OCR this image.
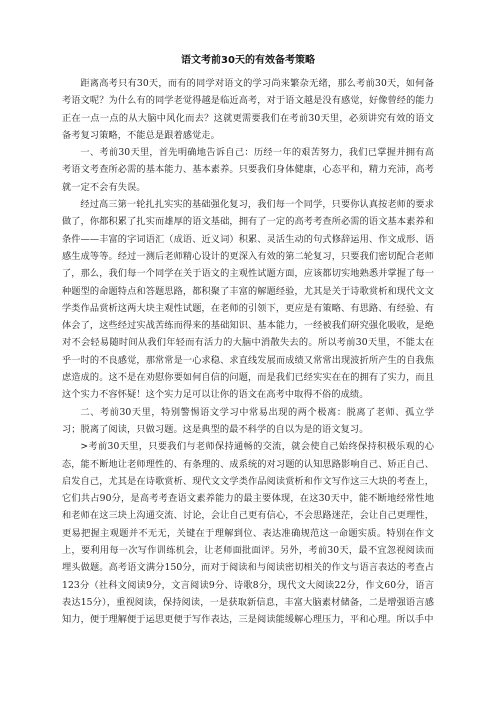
语文考前30天的有效备考策略

距离高考只有30天，而有的同学对语文的学习尚来繁杂无绪，那么考前30天，如何备考语文呢？为什么有的同学老觉得越是临近高考，对于语文越是没有感觉，好像曾经的能力正在一点一点的从大脑中风化而去？这就更需要我们在考前30天里，必须讲究有效的语文备考复习策略，不能总是跟着感觉走。

一、考前30天里，首先明确地告诉自己：历经一年的艰苦努力，我们已掌握并拥有高考语文考查所必需的基本能力、基本素养。只要我们身体健康，心态平和，精力充沛，高考就一定不会有失误。

经过高三第一轮扎扎实实的基础强化复习，我们每一个同学，只要你认真按老师的要求做了，你都积累了扎实而雄厚的语文基础，拥有了一定的高考考查所必需的语文基本素养和条件——丰富的字词语汇（成语、近义词）积累、灵活生动的句式修辞运用、作文成形、语感生成等等。经过一测后老师精心设计的更深入有效的第二轮复习，只要我们密切配合老师了，那么，我们每一个同学在关于语文的主观性试题方面，应该都切实地熟悉并掌握了每一种题型的命题特点和答题思路，都积聚了丰富的解题经验，尤其是关于诗歌赏析和现代文文学类作品赏析这两大块主观性试题，在老师的引领下，更应是有策略、有思路、有经验、有体会了，这些经过实战苦练而得来的基础知识、基本能力，一经被我们研究强化吸收，是绝对不会轻易随时间从我们年轻而有活力的大脑中消散失去的。所以考前30天里，不能太在乎一时的不良感觉，那常常是一心求稳、求直线发展而成绩又常常出现波折所产生的自我焦虑造成的。这不是在劝慰你要如何自信的问题，而是我们已经实实在在的拥有了实力，而且这个实力不容怀疑！这个实力足可以让你的语文在高考中取得不俗的成绩。

二、考前30天里，特别警惕语文学习中常易出现的两个极离：脱离了老师、孤立学习；脱离了阅读，只做习题。这是典型的最不科学的自以为是的语文复习。

>考前30天里，只要我们与老师保持通畅的交流，就会使自己始终保持积极乐观的心态，能不断地让老师理性的、有条理的、成系统的对习题的认知思路影响自己、矫正自己、启发自己，尤其是在诗歌赏析、现代文文学类作品阅读赏析和作文写作这三大块的考查上，它们共占90分，是高考考查语文素养能力的最主要体现，在这30天中，能不断地经常性地和老师在这三块上沟通交流、讨论，会让自己更有信心，不会思路迷茫，会让自己更理性，更易把握主观题并不无无，关键在于理解到位、表达准确规范这一命题实质。特别在作文上，要利用每一次写作训练机会，让老师面批面评。另外，考前30天，最不宜忽视阅读而埋头做题。高考语文满分150分，而对于阅读和与阅读密切相关的作文与语言表达的考查占123分（社科文阅读9分，文言阅读9分、诗歌8分，现代文大阅读22分，作文60分，语言表达15分），重视阅读，保持阅读，一是获取新信息，丰富大脑素材储备，二是增强语言感知力，便于理解便于运思更便于写作表达，三是阅读能缓解心理压力，平和心理。所以手中
